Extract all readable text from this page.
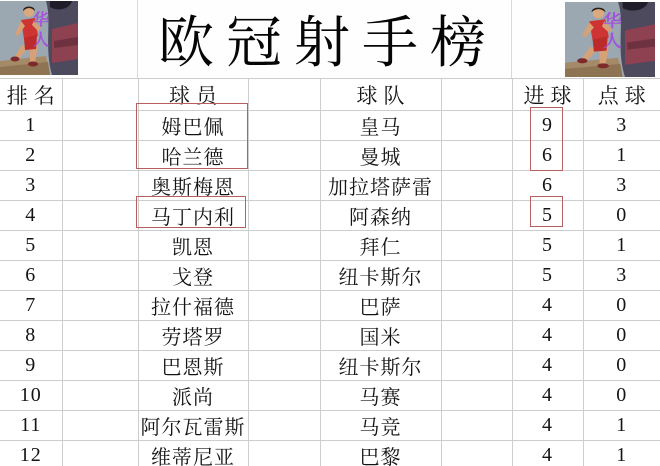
华
人	欧冠射手榜	华
人
排名		球员		球队		进球	点球
1		姆巴佩		皇马		9	3
2		哈兰德		曼城		6	1
3		奥斯梅恩		加拉塔萨雷		6	3
4		马丁内利		阿森纳		5	0
5		凯恩		拜仁		5	1
6		戈登		纽卡斯尔		5	3
7		拉什福德		巴萨		4	0
8		劳塔罗		国米		4	0
9		巴恩斯		纽卡斯尔		4	0
10		派尚		马赛		4	0
11		阿尔瓦雷斯		马竞		4	1
12		维蒂尼亚		巴黎		4	1
